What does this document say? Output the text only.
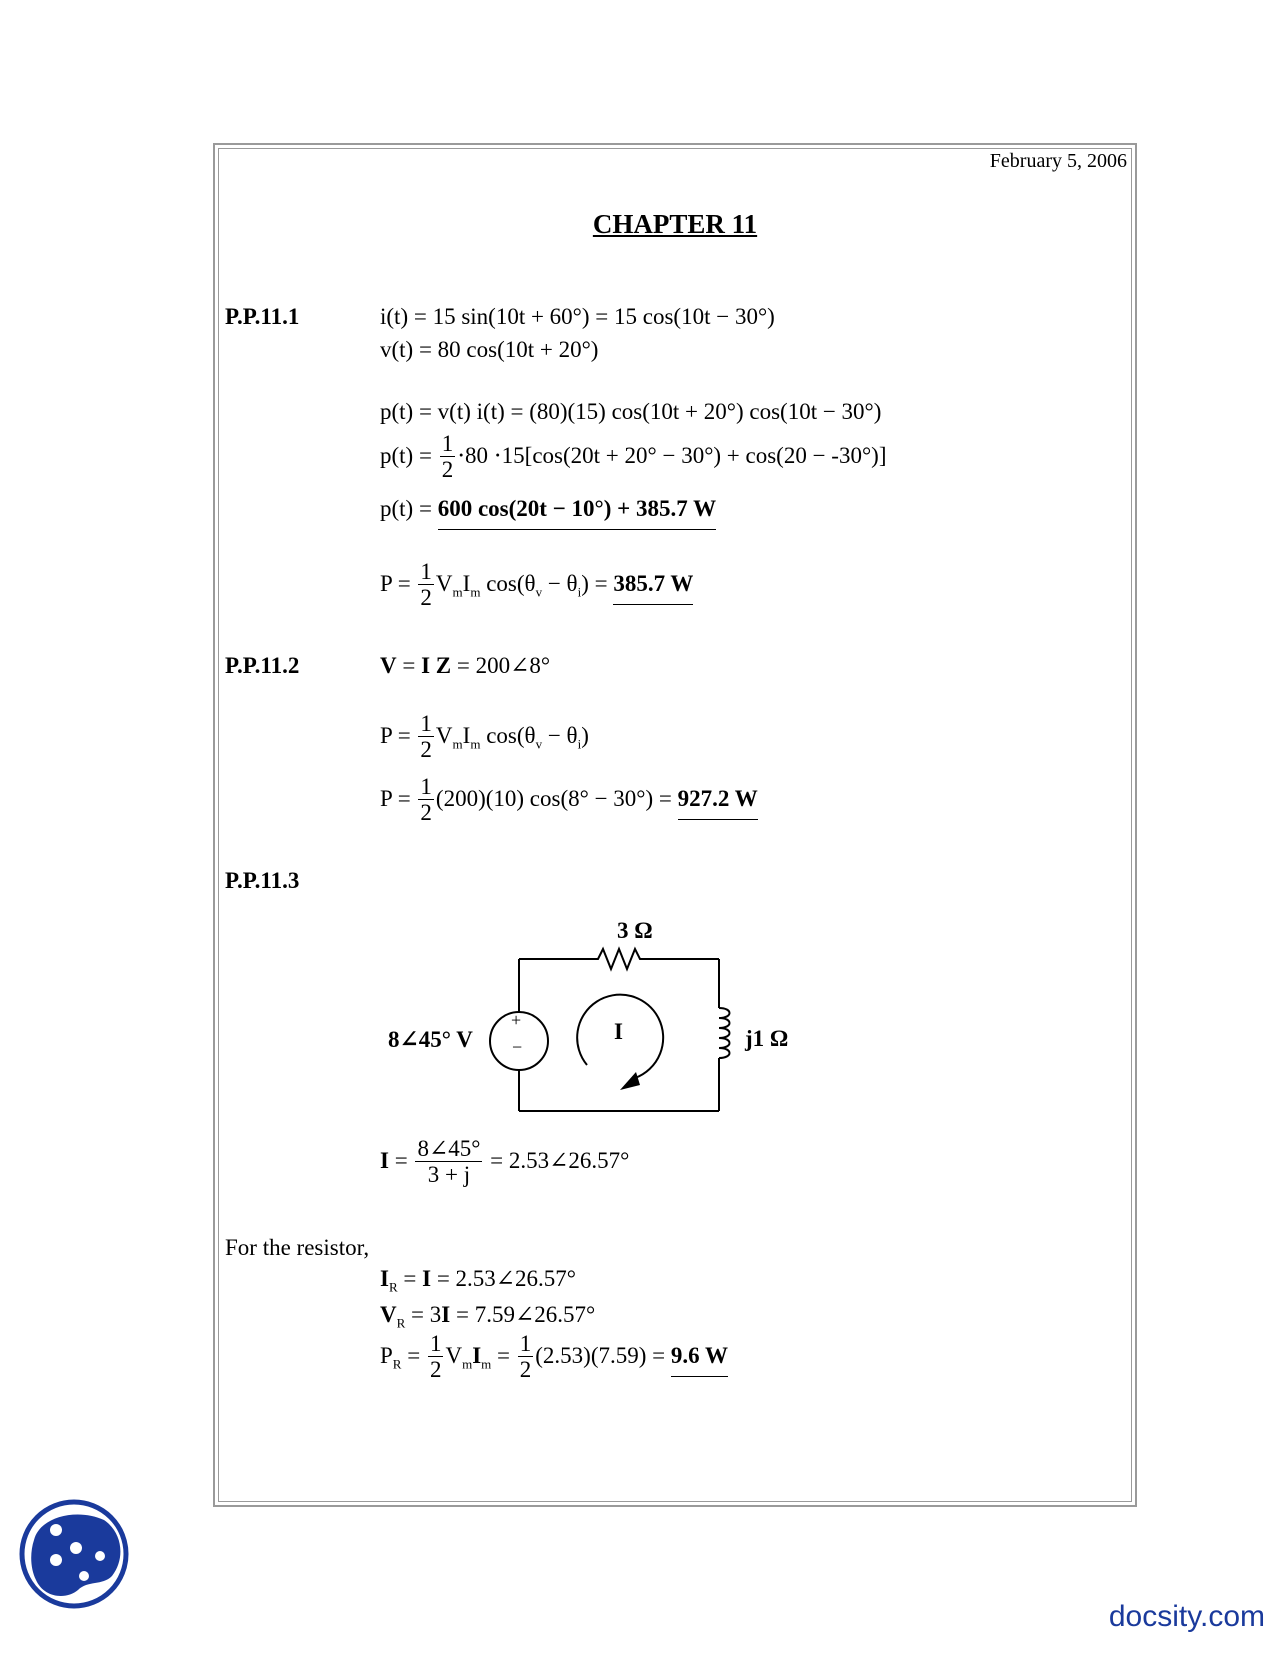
February 5, 2006
CHAPTER 11
P.P.11.1	i(t) = 15 sin(10t + 60°) = 15 cos(10t − 30°)
v(t) = 80 cos(10t + 20°)
p(t) = v(t) i(t) = (80)(15) cos(10t + 20°) cos(10t − 30°)
$p(t) = \frac{1}{2} \cdot 80 \cdot 15[\cos(20t + 20^\circ - 30^\circ) + \cos(20 - -30^\circ)]$
p(t) = 600 cos(20t − 10°) + 385.7 W
$P = \frac{1}{2} V_mI_m$ $\cos(\theta_v - \theta_i) = 385.7$ W
P.P.11.2	V = I Z = 200∠8°
$P = \frac{1}{2} V_mI_m$ $\cos(\theta_v - \theta_i)$
$P = \frac{1}{2} (200)(10) \cos(8^\circ - 30^\circ) = 927.2$ W
P.P.11.3
3 Ω
8∠45° V	j1 Ω
I
+
−
$I = \frac{8\angle 45^\circ}{3 + j}$ = 2.53∠26.57°
For the resistor,
$I_R = I$ = 2.53∠26.57°
$V_R = 3I$ = 7.59∠26.57°
$P_R = \frac{1}{2} V_mI_m = \frac{1}{2} (2.53)(7.59) = 9.6$ W
docsity.com
